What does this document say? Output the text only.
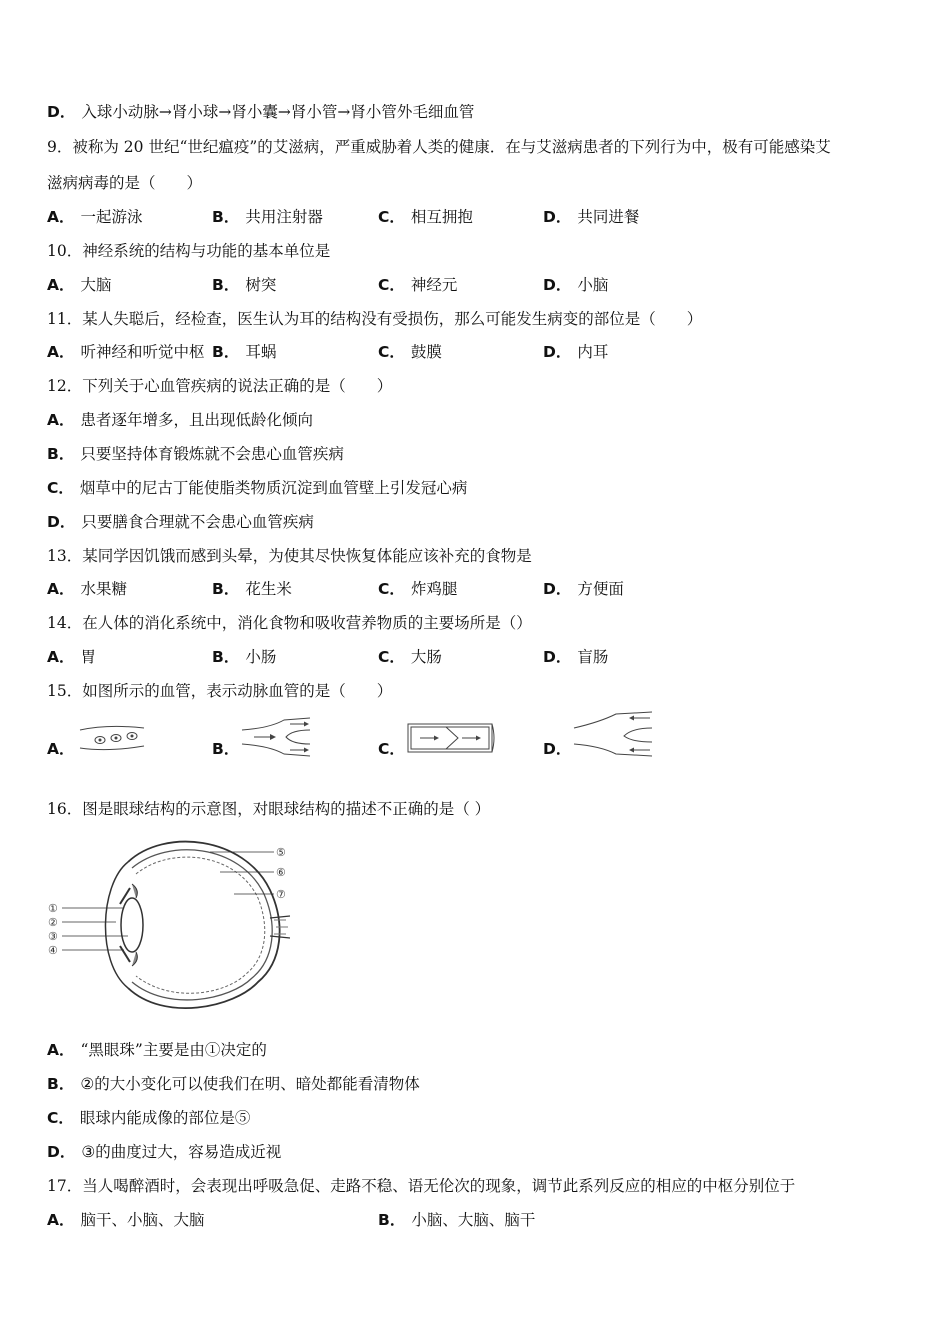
D． 入球小动脉→肾小球→肾小囊→肾小管→肾小管外毛细血管
9．被称为 20 世纪“世纪瘟疫”的艾滋病，严重威胁着人类的健康．在与艾滋病患者的下列行为中，极有可能感染艾
滋病病毒的是（　　）
A． 一起游泳	B． 共用注射器	C． 相互拥抱	D． 共同进餐
10．神经系统的结构与功能的基本单位是
A． 大脑	B． 树突	C． 神经元	D． 小脑
11．某人失聪后，经检查，医生认为耳的结构没有受损伤，那么可能发生病变的部位是（　　）
A． 听神经和听觉中枢 B． 耳蜗	C． 鼓膜	D． 内耳
12．下列关于心血管疾病的说法正确的是（　　）
A． 患者逐年增多，且出现低龄化倾向
B． 只要坚持体育锻炼就不会患心血管疾病
C． 烟草中的尼古丁能使脂类物质沉淀到血管壁上引发冠心病
D． 只要膳食合理就不会患心血管疾病
13．某同学因饥饿而感到头晕，为使其尽快恢复体能应该补充的食物是
A． 水果糖	B． 花生米	C． 炸鸡腿	D． 方便面
14．在人体的消化系统中，消化食物和吸收营养物质的主要场所是（）
A． 胃	B． 小肠	C． 大肠	D． 盲肠
15．如图所示的血管，表示动脉血管的是（　　）
A．	B．	C．	D．
16．图是眼球结构的示意图，对眼球结构的描述不正确的是（ ）
①
②
③
④
⑤
⑥
⑦
A． “黑眼珠”主要是由①决定的
B． ②的大小变化可以使我们在明、暗处都能看清物体
C． 眼球内能成像的部位是⑤
D． ③的曲度过大，容易造成近视
17．当人喝醉酒时，会表现出呼吸急促、走路不稳、语无伦次的现象，调节此系列反应的相应的中枢分别位于
A． 脑干、小脑、大脑	B． 小脑、大脑、脑干
